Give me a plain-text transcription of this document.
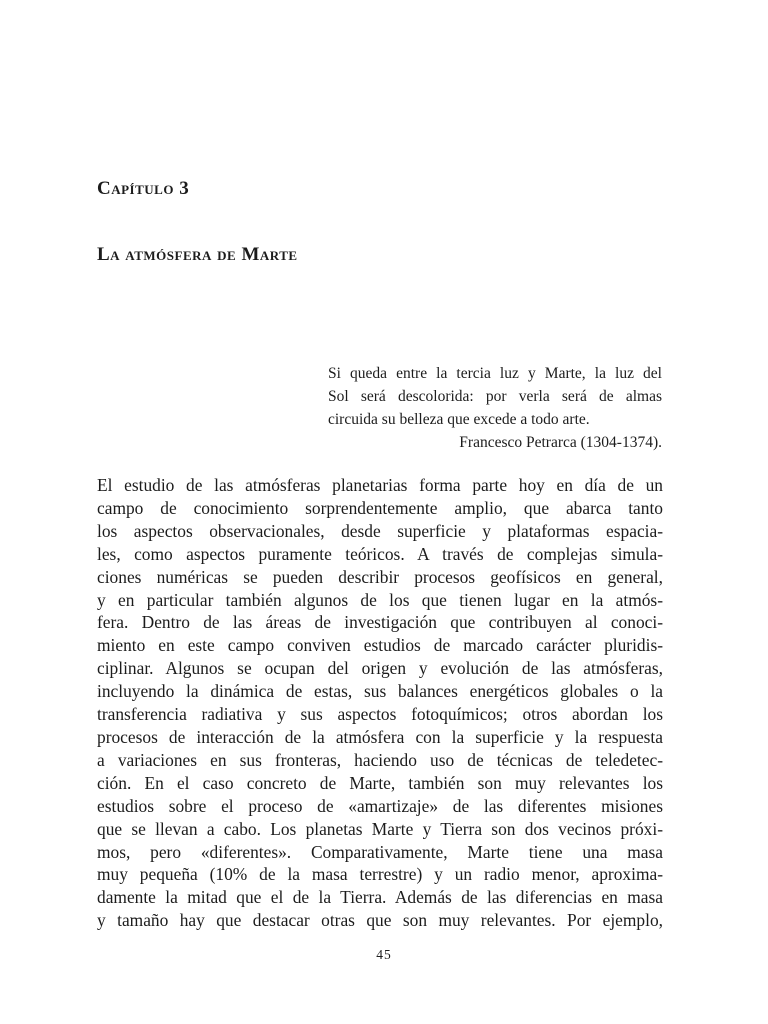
Capítulo 3
La atmósfera de Marte
Si queda entre la tercia luz y Marte, la luz del
Sol será descolorida: por verla será de almas
circuida su belleza que excede a todo arte.
Francesco Petrarca (1304-1374).
El estudio de las atmósferas planetarias forma parte hoy en día de un
campo de conocimiento sorprendentemente amplio, que abarca tanto
los aspectos observacionales, desde superficie y plataformas espacia-
les, como aspectos puramente teóricos. A través de complejas simula-
ciones numéricas se pueden describir procesos geofísicos en general,
y en particular también algunos de los que tienen lugar en la atmós-
fera. Dentro de las áreas de investigación que contribuyen al conoci-
miento en este campo conviven estudios de marcado carácter pluridis-
ciplinar. Algunos se ocupan del origen y evolución de las atmósferas,
incluyendo la dinámica de estas, sus balances energéticos globales o la
transferencia radiativa y sus aspectos fotoquímicos; otros abordan los
procesos de interacción de la atmósfera con la superficie y la respuesta
a variaciones en sus fronteras, haciendo uso de técnicas de teledetec-
ción. En el caso concreto de Marte, también son muy relevantes los
estudios sobre el proceso de «amartizaje» de las diferentes misiones
que se llevan a cabo. Los planetas Marte y Tierra son dos vecinos próxi-
mos, pero «diferentes». Comparativamente, Marte tiene una masa
muy pequeña (10% de la masa terrestre) y un radio menor, aproxima-
damente la mitad que el de la Tierra. Además de las diferencias en masa
y tamaño hay que destacar otras que son muy relevantes. Por ejemplo,
45
